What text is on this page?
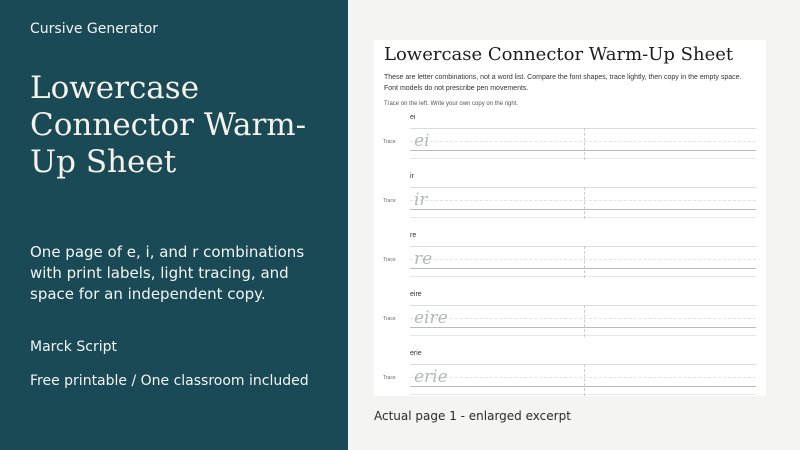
Cursive Generator
Lowercase Connector Warm-Up Sheet

One page of e, i, and r combinations with print labels, light tracing, and space for an independent copy.

Marck Script
Free printable / One classroom included
Lowercase Connector Warm-Up Sheet
These are letter combinations, not a word list. Compare the font shapes, trace lightly, then copy in the empty space. Font models do not prescribe pen movements.
Trace on the left. Write your own copy on the right.
ei
Trace ei
ir
Trace ir
re
Trace re
eire
Trace eire
erie
Trace erie
Actual page 1 - enlarged excerpt
